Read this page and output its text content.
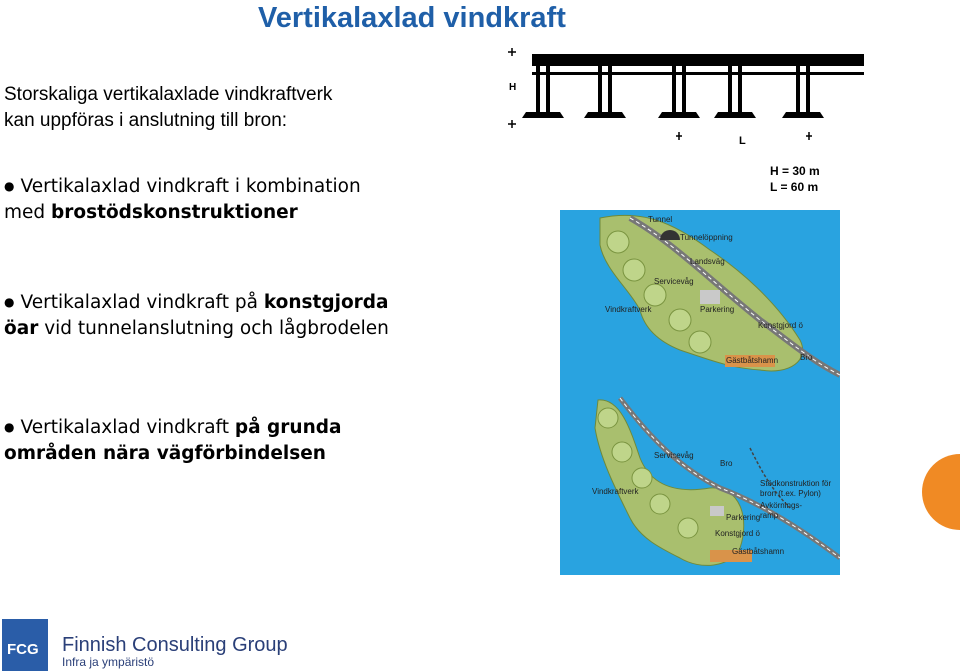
Vertikalaxlad vindkraft
Storskaliga vertikalaxlade vindkraftverk
kan uppföras i anslutning till bron:
● Vertikalaxlad vindkraft i kombination
med brostödskonstruktioner
● Vertikalaxlad vindkraft på konstgjorda
öar vid tunnelanslutning och lågbrodelen
● Vertikalaxlad vindkraft på grunda
områden nära vägförbindelsen
H
L
H = 30 m
L = 60 m
Tunnel
Tunnelöppning
Landsväg
Servicevåg
Vindkraftverk	Parkering
Konstgjord ö
Gästbåtshamn	Bro
Servicevåg
Bro
Stödkonstruktion för
bron (t.ex. Pylon)
Avkörnings-
ramp
Vindkraftverk
Parkering
Konstgjord ö
Gästbåtshamn
FCG Finnish Consulting Group
Infra ja ympäristö
